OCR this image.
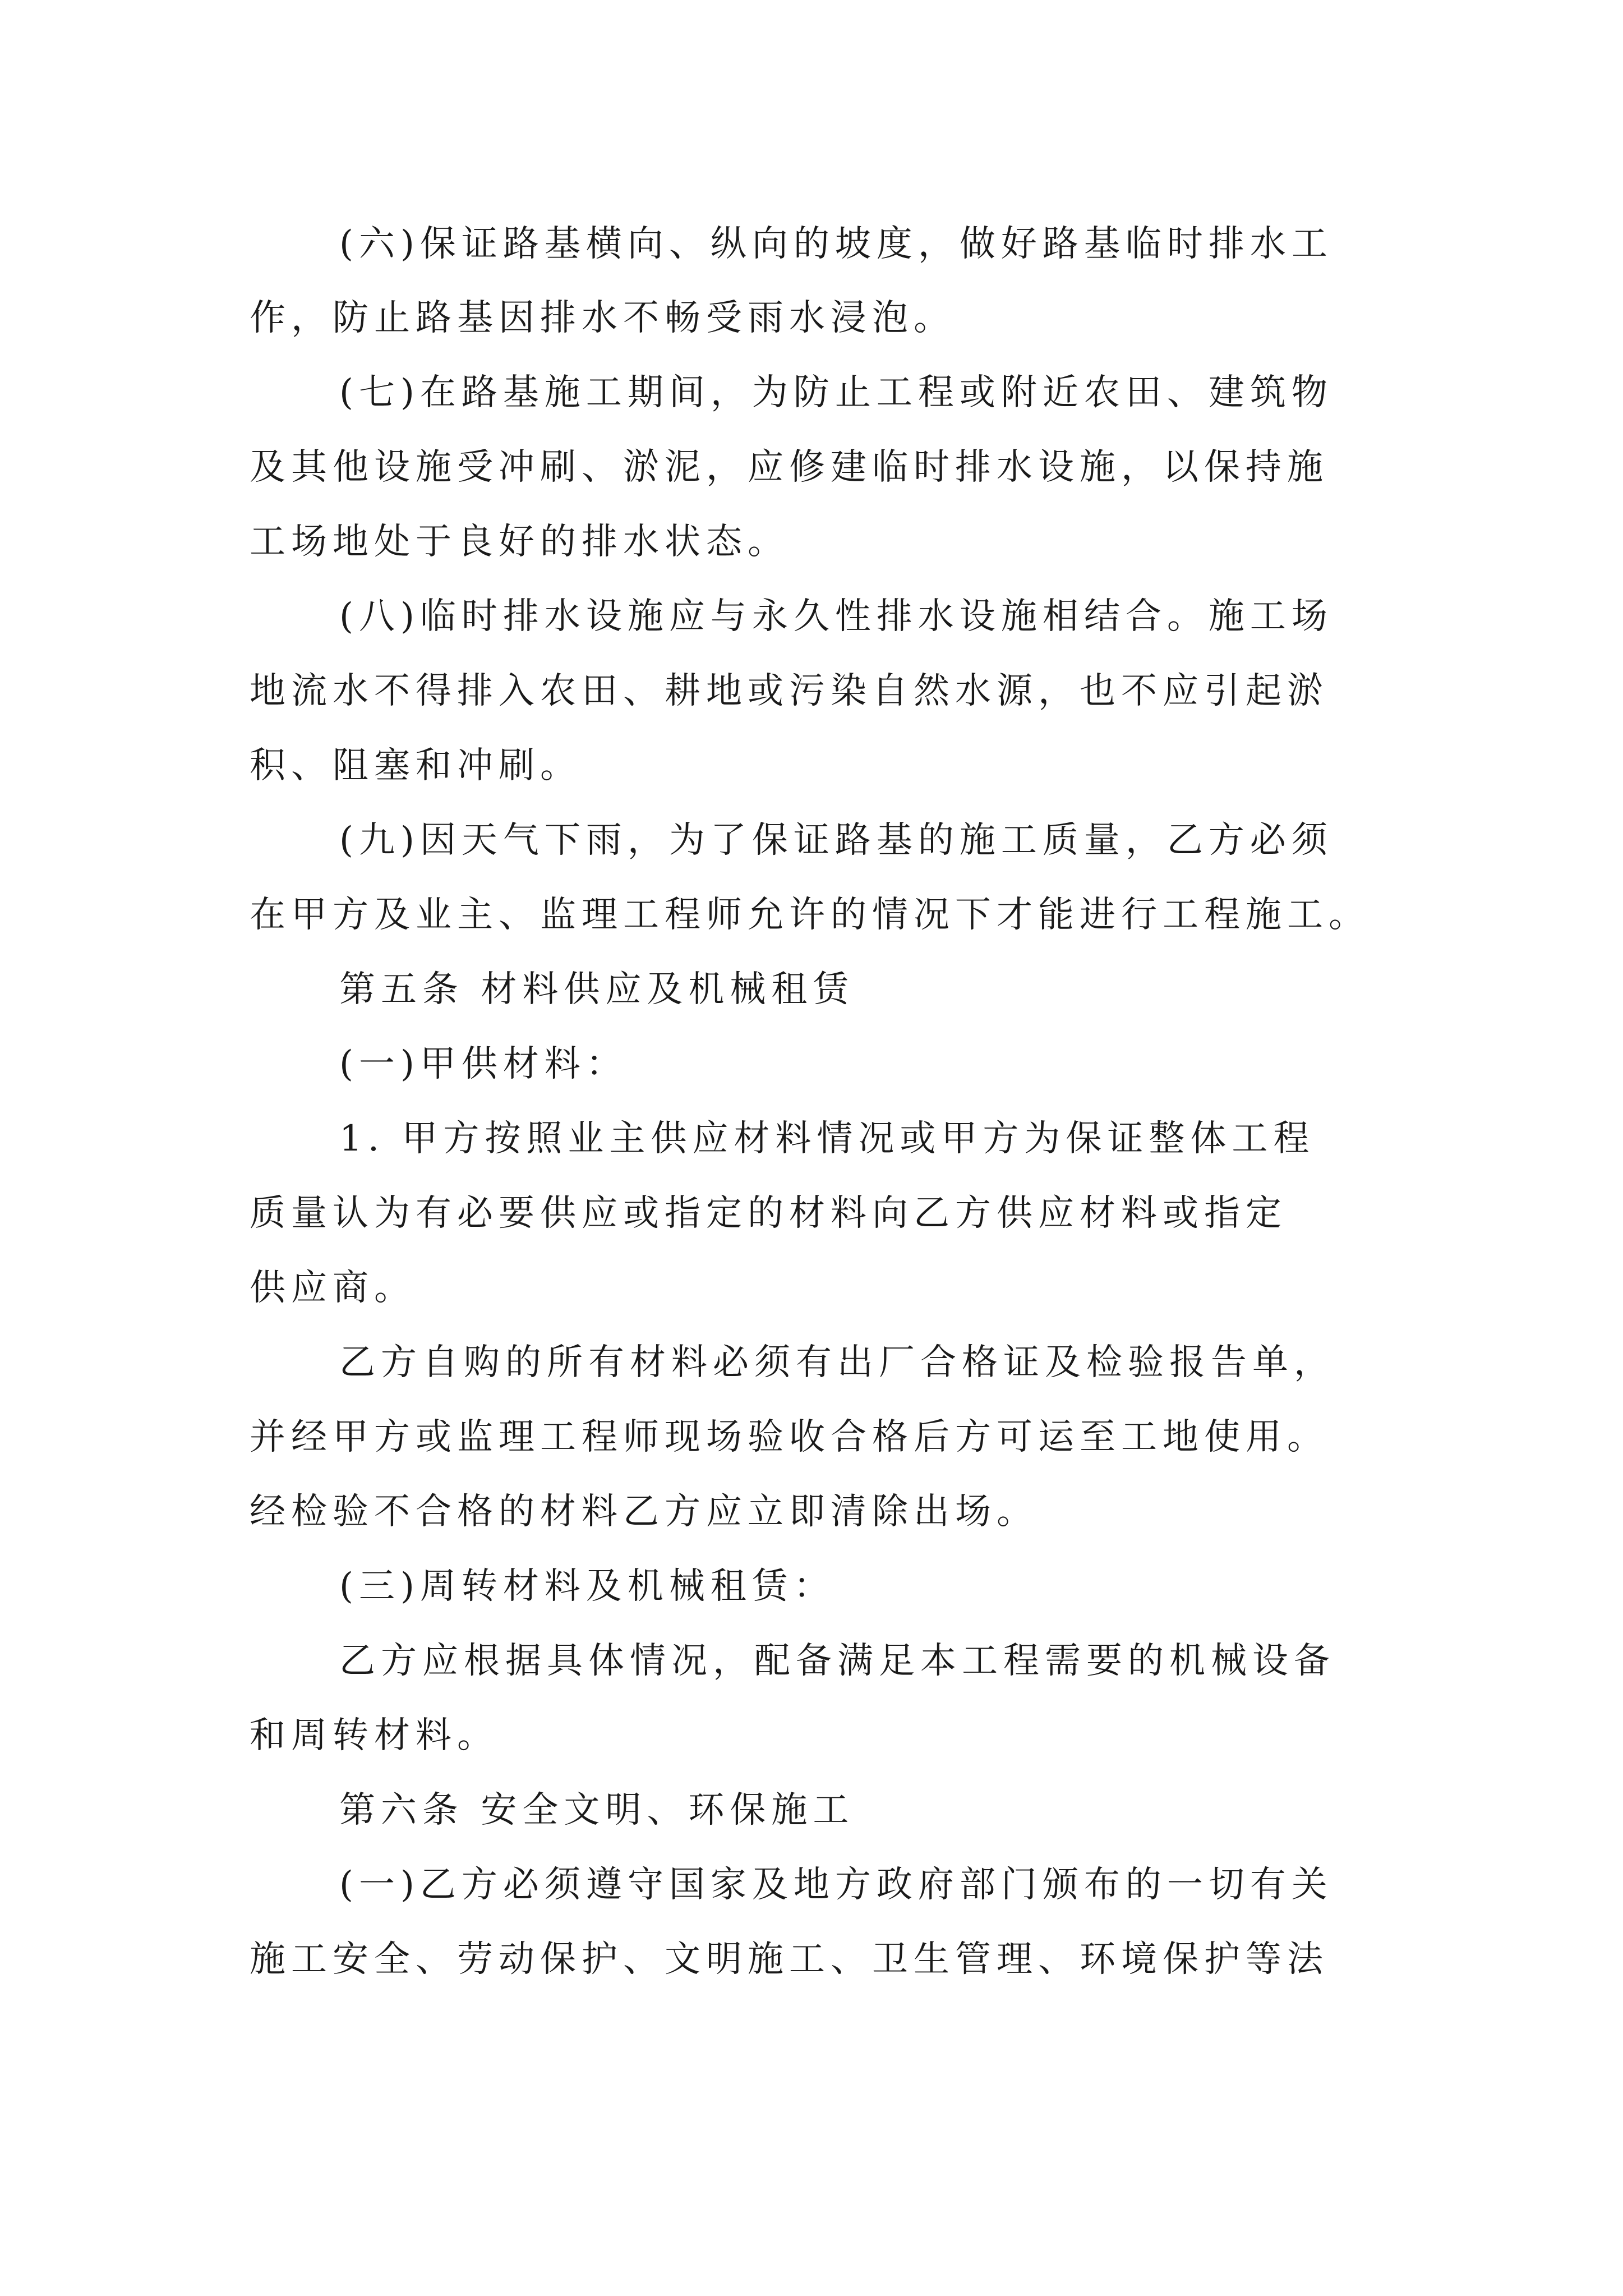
(六)保证路基横向、纵向的坡度，做好路基临时排水工
作，防止路基因排水不畅受雨水浸泡。
(七)在路基施工期间，为防止工程或附近农田、建筑物
及其他设施受冲刷、淤泥，应修建临时排水设施，以保持施
工场地处于良好的排水状态。
(八)临时排水设施应与永久性排水设施相结合。施工场
地流水不得排入农田、耕地或污染自然水源，也不应引起淤
积、阻塞和冲刷。
(九)因天气下雨，为了保证路基的施工质量，乙方必须
在甲方及业主、监理工程师允许的情况下才能进行工程施工。
第五条 材料供应及机械租赁
(一)甲供材料：
1. 甲方按照业主供应材料情况或甲方为保证整体工程
质量认为有必要供应或指定的材料向乙方供应材料或指定
供应商。
乙方自购的所有材料必须有出厂合格证及检验报告单，
并经甲方或监理工程师现场验收合格后方可运至工地使用。
经检验不合格的材料乙方应立即清除出场。
(三)周转材料及机械租赁：
乙方应根据具体情况，配备满足本工程需要的机械设备
和周转材料。
第六条 安全文明、环保施工
(一)乙方必须遵守国家及地方政府部门颁布的一切有关
施工安全、劳动保护、文明施工、卫生管理、环境保护等法
